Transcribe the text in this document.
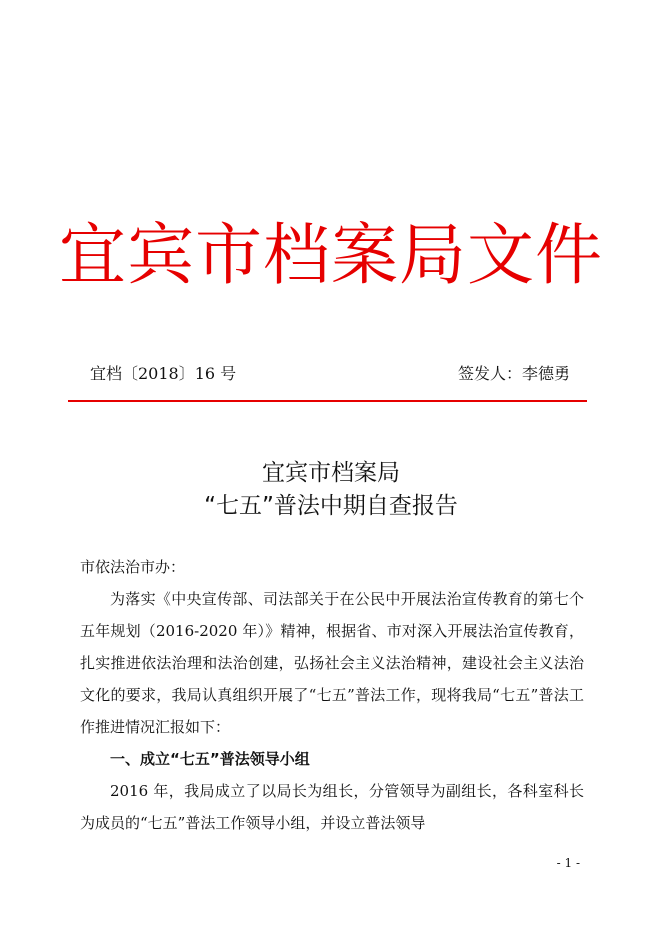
宜宾市档案局文件
宜档〔2018〕16 号	签发人：李德勇
宜宾市档案局
“七五”普法中期自查报告
市依法治市办：
为落实《中央宣传部、司法部关于在公民中开展法治宣传教育的第七个五年规划（2016-2020 年）》精神，根据省、市对深入开展法治宣传教育，扎实推进依法治理和法治创建，弘扬社会主义法治精神，建设社会主义法治文化的要求，我局认真组织开展了“七五”普法工作，现将我局“七五”普法工作推进情况汇报如下：
一、成立“七五”普法领导小组
2016 年，我局成立了以局长为组长，分管领导为副组长，各科室科长为成员的“七五”普法工作领导小组，并设立普法领导
- 1 -
